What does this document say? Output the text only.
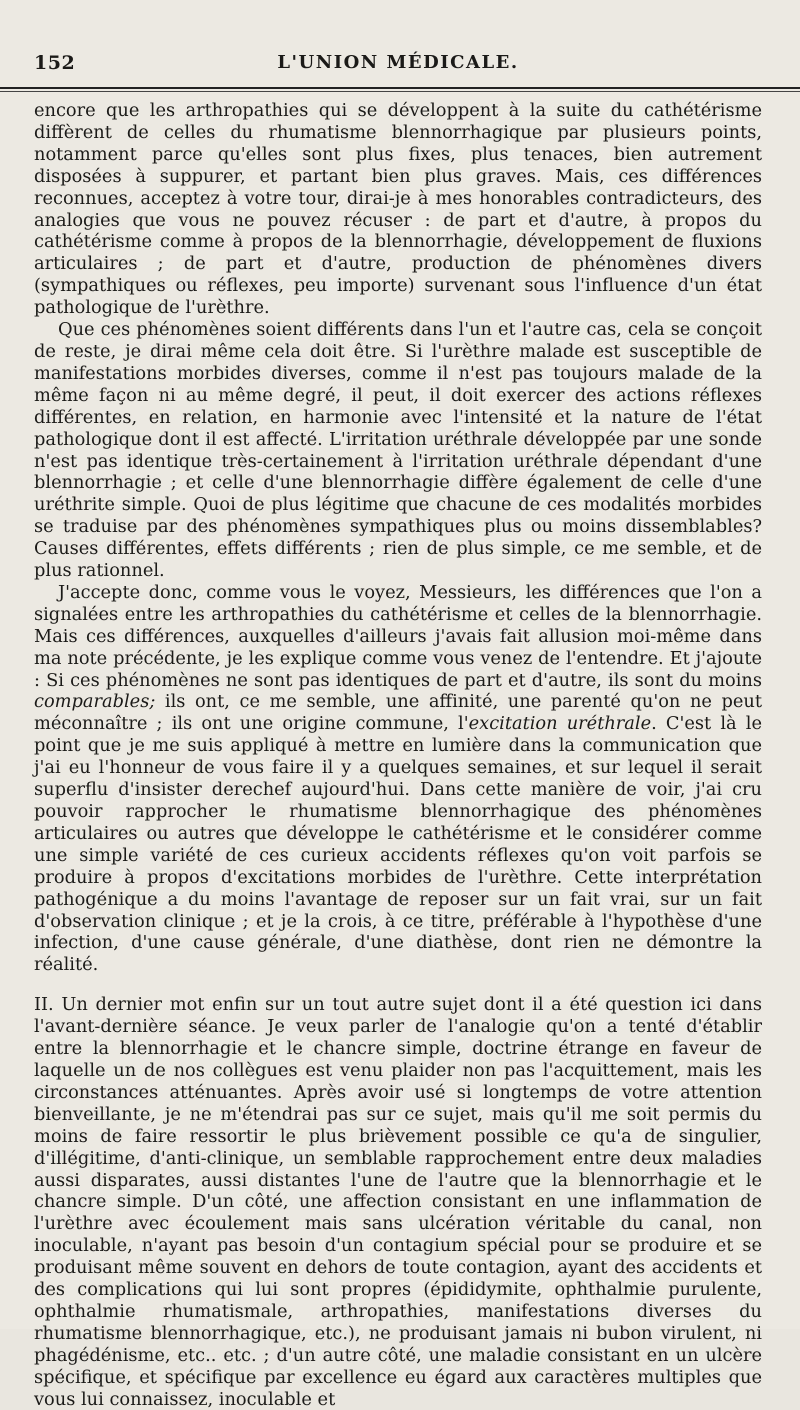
152	L'UNION MÉDICALE.

encore que les arthropathies qui se développent à la suite du cathétérisme diffèrent de celles du rhumatisme blennorrhagique par plusieurs points, notamment parce qu'elles sont plus fixes, plus tenaces, bien autrement disposées à suppurer, et partant bien plus graves. Mais, ces différences reconnues, acceptez à votre tour, dirai-je à mes honorables contradicteurs, des analogies que vous ne pouvez récuser : de part et d'autre, à propos du cathétérisme comme à propos de la blennorrhagie, développement de fluxions articulaires ; de part et d'autre, production de phénomènes divers (sympathiques ou réflexes, peu importe) survenant sous l'influence d'un état pathologique de l'urèthre.

Que ces phénomènes soient différents dans l'un et l'autre cas, cela se conçoit de reste, je dirai même cela doit être. Si l'urèthre malade est susceptible de manifestations morbides diverses, comme il n'est pas toujours malade de la même façon ni au même degré, il peut, il doit exercer des actions réflexes différentes, en relation, en harmonie avec l'intensité et la nature de l'état pathologique dont il est affecté. L'irritation uréthrale développée par une sonde n'est pas identique très-certainement à l'irritation uréthrale dépendant d'une blennorrhagie ; et celle d'une blennorrhagie diffère également de celle d'une uréthrite simple. Quoi de plus légitime que chacune de ces modalités morbides se traduise par des phénomènes sympathiques plus ou moins dissemblables? Causes différentes, effets différents ; rien de plus simple, ce me semble, et de plus rationnel.

J'accepte donc, comme vous le voyez, Messieurs, les différences que l'on a signalées entre les arthropathies du cathétérisme et celles de la blennorrhagie. Mais ces différences, auxquelles d'ailleurs j'avais fait allusion moi-même dans ma note précédente, je les explique comme vous venez de l'entendre. Et j'ajoute : Si ces phénomènes ne sont pas identiques de part et d'autre, ils sont du moins comparables; ils ont, ce me semble, une affinité, une parenté qu'on ne peut méconnaître ; ils ont une origine commune, l'excitation uréthrale. C'est là le point que je me suis appliqué à mettre en lumière dans la communication que j'ai eu l'honneur de vous faire il y a quelques semaines, et sur lequel il serait superflu d'insister derechef aujourd'hui. Dans cette manière de voir, j'ai cru pouvoir rapprocher le rhumatisme blennorrhagique des phénomènes articulaires ou autres que développe le cathétérisme et le considérer comme une simple variété de ces curieux accidents réflexes qu'on voit parfois se produire à propos d'excitations morbides de l'urèthre. Cette interprétation pathogénique a du moins l'avantage de reposer sur un fait vrai, sur un fait d'observation clinique ; et je la crois, à ce titre, préférable à l'hypothèse d'une infection, d'une cause générale, d'une diathèse, dont rien ne démontre la réalité.

II. Un dernier mot enfin sur un tout autre sujet dont il a été question ici dans l'avant-dernière séance. Je veux parler de l'analogie qu'on a tenté d'établir entre la blennorrhagie et le chancre simple, doctrine étrange en faveur de laquelle un de nos collègues est venu plaider non pas l'acquittement, mais les circonstances atténuantes. Après avoir usé si longtemps de votre attention bienveillante, je ne m'étendrai pas sur ce sujet, mais qu'il me soit permis du moins de faire ressortir le plus brièvement possible ce qu'a de singulier, d'illégitime, d'anti-clinique, un semblable rapprochement entre deux maladies aussi disparates, aussi distantes l'une de l'autre que la blennorrhagie et le chancre simple. D'un côté, une affection consistant en une inflammation de l'urèthre avec écoulement mais sans ulcération véritable du canal, non inoculable, n'ayant pas besoin d'un contagium spécial pour se produire et se produisant même souvent en dehors de toute contagion, ayant des accidents et des complications qui lui sont propres (épididymite, ophthalmie purulente, ophthalmie rhumatismale, arthropathies, manifestations diverses du rhumatisme blennorrhagique, etc.), ne produisant jamais ni bubon virulent, ni phagédénisme, etc.. etc. ; d'un autre côté, une maladie consistant en un ulcère spécifique, et spécifique par excellence eu égard aux caractères multiples que vous lui connaissez, inoculable et
